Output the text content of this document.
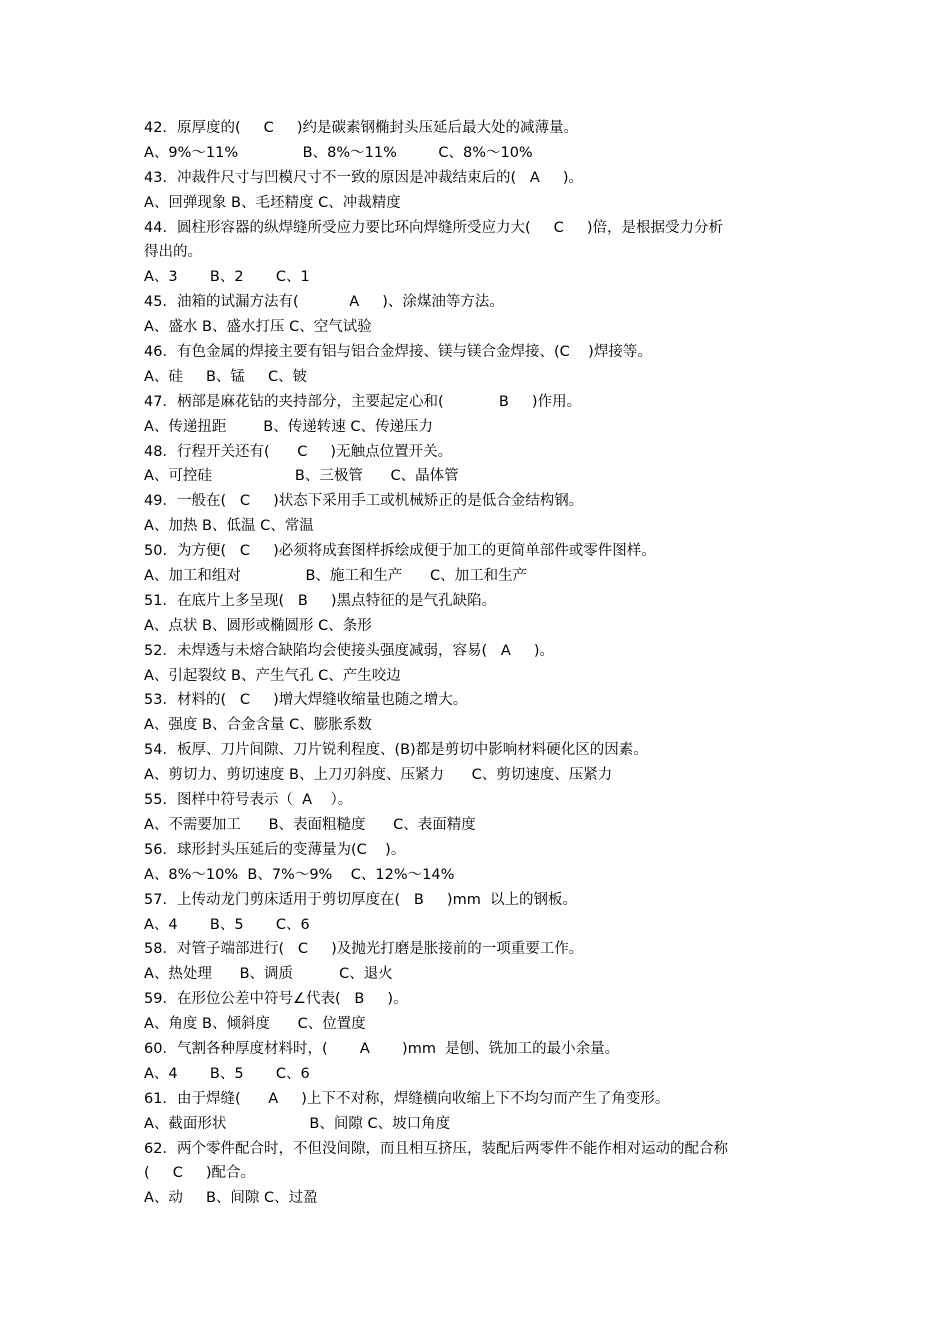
42．原厚度的(     C     )约是碳素钢椭封头压延后最大处的减薄量。
A、9%～11%              B、8%～11%         C、8%～10%
43．冲裁件尺寸与凹模尺寸不一致的原因是冲裁结束后的(   A     )。
A、回弹现象 B、毛坯精度 C、冲裁精度
44．圆柱形容器的纵焊缝所受应力要比环向焊缝所受应力大(     C     )倍，是根据受力分析
得出的。
A、3       B、2       C、1
45．油箱的试漏方法有(           A     )、涂煤油等方法。
A、盛水 B、盛水打压 C、空气试验
46．有色金属的焊接主要有铝与铝合金焊接、镁与镁合金焊接、(C    )焊接等。
A、硅     B、锰     C、铍
47．柄部是麻花钻的夹持部分，主要起定心和(            B     )作用。
A、传递扭距        B、传递转速 C、传递压力
48．行程开关还有(      C     )无触点位置开关。
A、可控硅                  B、三极管      C、晶体管
49．一般在(   C     )状态下采用手工或机械矫正的是低合金结构钢。
A、加热 B、低温 C、常温
50．为方便(   C     )必须将成套图样拆绘成便于加工的更简单部件或零件图样。
A、加工和组对              B、施工和生产      C、加工和生产
51．在底片上多呈现(   B     )黑点特征的是气孔缺陷。
A、点状 B、圆形或椭圆形 C、条形
52．未焊透与未熔合缺陷均会使接头强度减弱，容易(   A     )。
A、引起裂纹 B、产生气孔 C、产生咬边
53．材料的(   C     )增大焊缝收缩量也随之增大。
A、强度 B、合金含量 C、膨胀系数
54．板厚、刀片间隙、刀片锐利程度、(B)都是剪切中影响材料硬化区的因素。
A、剪切力、剪切速度 B、上刀刃斜度、压紧力      C、剪切速度、压紧力
55．图样中符号表示（  A    ）。
A、不需要加工      B、表面粗糙度      C、表面精度
56．球形封头压延后的变薄量为(C    )。
A、8%～10%  B、7%～9%    C、12%～14%
57．上传动龙门剪床适用于剪切厚度在(   B     )mm  以上的钢板。
A、4       B、5       C、6
58．对管子端部进行(   C     )及抛光打磨是胀接前的一项重要工作。
A、热处理      B、调质          C、退火
59．在形位公差中符号∠代表(   B     )。
A、角度 B、倾斜度      C、位置度
60．气割各种厚度材料时，(       A       )mm  是刨、铣加工的最小余量。
A、4       B、5       C、6
61．由于焊缝(      A     )上下不对称，焊缝横向收缩上下不均匀而产生了角变形。
A、截面形状                  B、间隙 C、坡口角度
62．两个零件配合时，不但没间隙，而且相互挤压，装配后两零件不能作相对运动的配合称
(     C     )配合。
A、动     B、间隙 C、过盈
